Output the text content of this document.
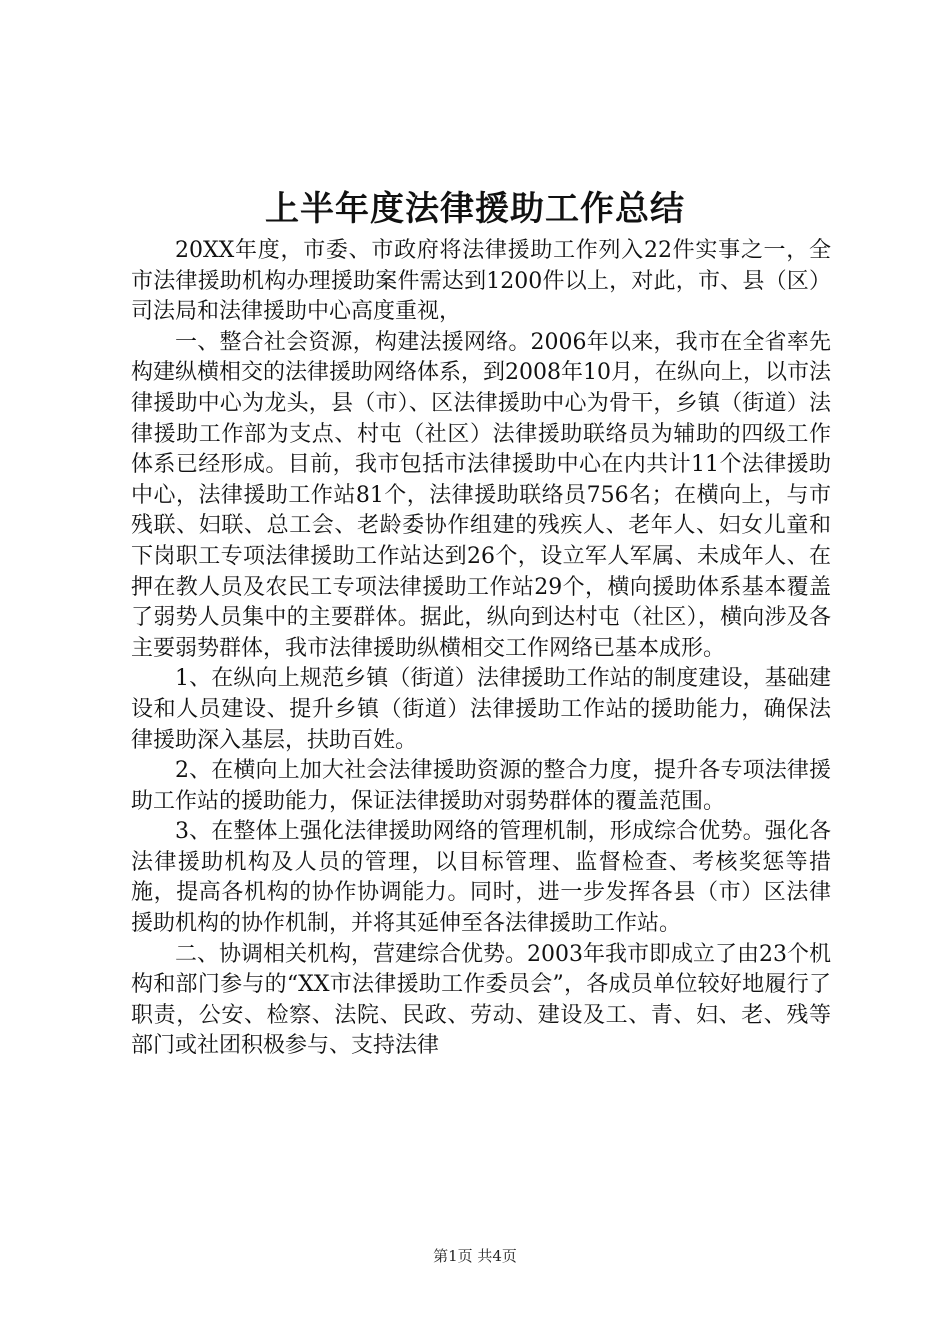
上半年度法律援助工作总结

20XX年度，市委、市政府将法律援助工作列入22件实事之一，全市法律援助机构办理援助案件需达到1200件以上，对此，市、县（区）司法局和法律援助中心高度重视，

一、整合社会资源，构建法援网络。2006年以来，我市在全省率先构建纵横相交的法律援助网络体系，到2008年10月，在纵向上，以市法律援助中心为龙头，县（市）、区法律援助中心为骨干，乡镇（街道）法律援助工作部为支点、村屯（社区）法律援助联络员为辅助的四级工作体系已经形成。目前，我市包括市法律援助中心在内共计11个法律援助中心，法律援助工作站81个，法律援助联络员756名；在横向上，与市残联、妇联、总工会、老龄委协作组建的残疾人、老年人、妇女儿童和下岗职工专项法律援助工作站达到26个，设立军人军属、未成年人、在押在教人员及农民工专项法律援助工作站29个，横向援助体系基本覆盖了弱势人员集中的主要群体。据此，纵向到达村屯（社区），横向涉及各主要弱势群体，我市法律援助纵横相交工作网络已基本成形。

1、在纵向上规范乡镇（街道）法律援助工作站的制度建设，基础建设和人员建设、提升乡镇（街道）法律援助工作站的援助能力，确保法律援助深入基层，扶助百姓。

2、在横向上加大社会法律援助资源的整合力度，提升各专项法律援助工作站的援助能力，保证法律援助对弱势群体的覆盖范围。

3、在整体上强化法律援助网络的管理机制，形成综合优势。强化各法律援助机构及人员的管理，以目标管理、监督检查、考核奖惩等措施，提高各机构的协作协调能力。同时，进一步发挥各县（市）区法律援助机构的协作机制，并将其延伸至各法律援助工作站。

二、协调相关机构，营建综合优势。2003年我市即成立了由23个机构和部门参与的“XX市法律援助工作委员会”，各成员单位较好地履行了职责，公安、检察、法院、民政、劳动、建设及工、青、妇、老、残等部门或社团积极参与、支持法律

第1页 共4页
